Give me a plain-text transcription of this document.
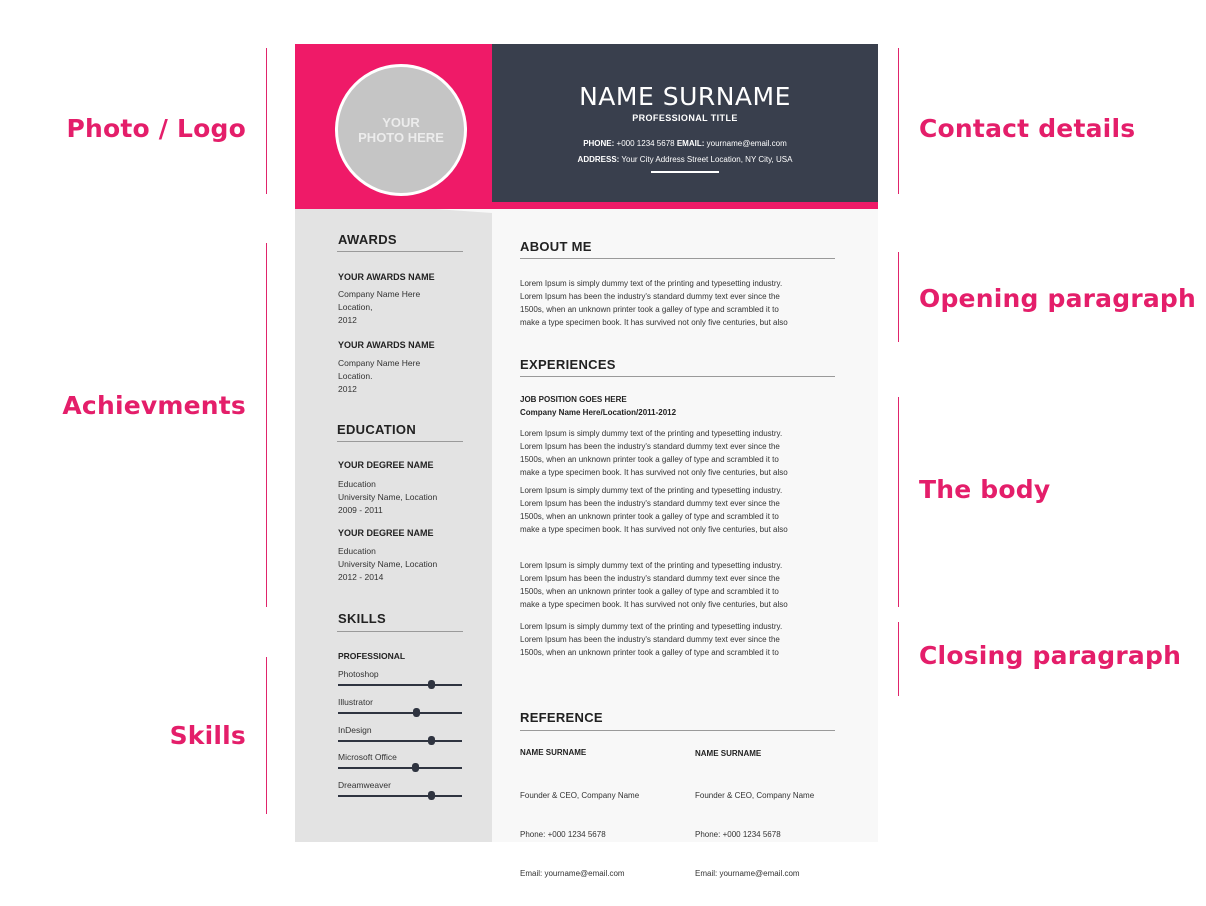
Photo / Logo
Achievments
Skills
Contact details
Opening paragraph
The body
Closing paragraph
YOUR
PHOTO HERE
NAME SURNAME
PROFESSIONAL TITLE
PHONE: +000 1234 5678 EMAIL: yourname@email.com
ADDRESS: Your City Address Street Location, NY City, USA
AWARDS
YOUR AWARDS NAME
Company Name Here
Location,
2012
YOUR AWARDS NAME
Company Name Here
Location.
2012
EDUCATION
YOUR DEGREE NAME
Education
University Name, Location
2009 - 2011
YOUR DEGREE NAME
Education
University Name, Location
2012 - 2014
SKILLS
PROFESSIONAL
Photoshop
Illustrator
InDesign
Microsoft Office
Dreamweaver
ABOUT ME
Lorem Ipsum is simply dummy text of the printing and typesetting industry.
Lorem Ipsum has been the industry's standard dummy text ever since the
1500s, when an unknown printer took a galley of type and scrambled it to
make a type specimen book. It has survived not only five centuries, but also
EXPERIENCES
JOB POSITION GOES HERE
Company Name Here/Location/2011-2012
Lorem Ipsum is simply dummy text of the printing and typesetting industry.
Lorem Ipsum has been the industry's standard dummy text ever since the
1500s, when an unknown printer took a galley of type and scrambled it to
make a type specimen book. It has survived not only five centuries, but also
Lorem Ipsum is simply dummy text of the printing and typesetting industry.
Lorem Ipsum has been the industry's standard dummy text ever since the
1500s, when an unknown printer took a galley of type and scrambled it to
make a type specimen book. It has survived not only five centuries, but also
Lorem Ipsum is simply dummy text of the printing and typesetting industry.
Lorem Ipsum has been the industry's standard dummy text ever since the
1500s, when an unknown printer took a galley of type and scrambled it to
make a type specimen book. It has survived not only five centuries, but also
Lorem Ipsum is simply dummy text of the printing and typesetting industry.
Lorem Ipsum has been the industry's standard dummy text ever since the
1500s, when an unknown printer took a galley of type and scrambled it to
REFERENCE
NAME SURNAME

Founder & CEO, Company Name

Phone: +000 1234 5678

Email: yourname@email.com

NAME SURNAME

Founder & CEO, Company Name

Phone: +000 1234 5678

Email: yourname@email.com
